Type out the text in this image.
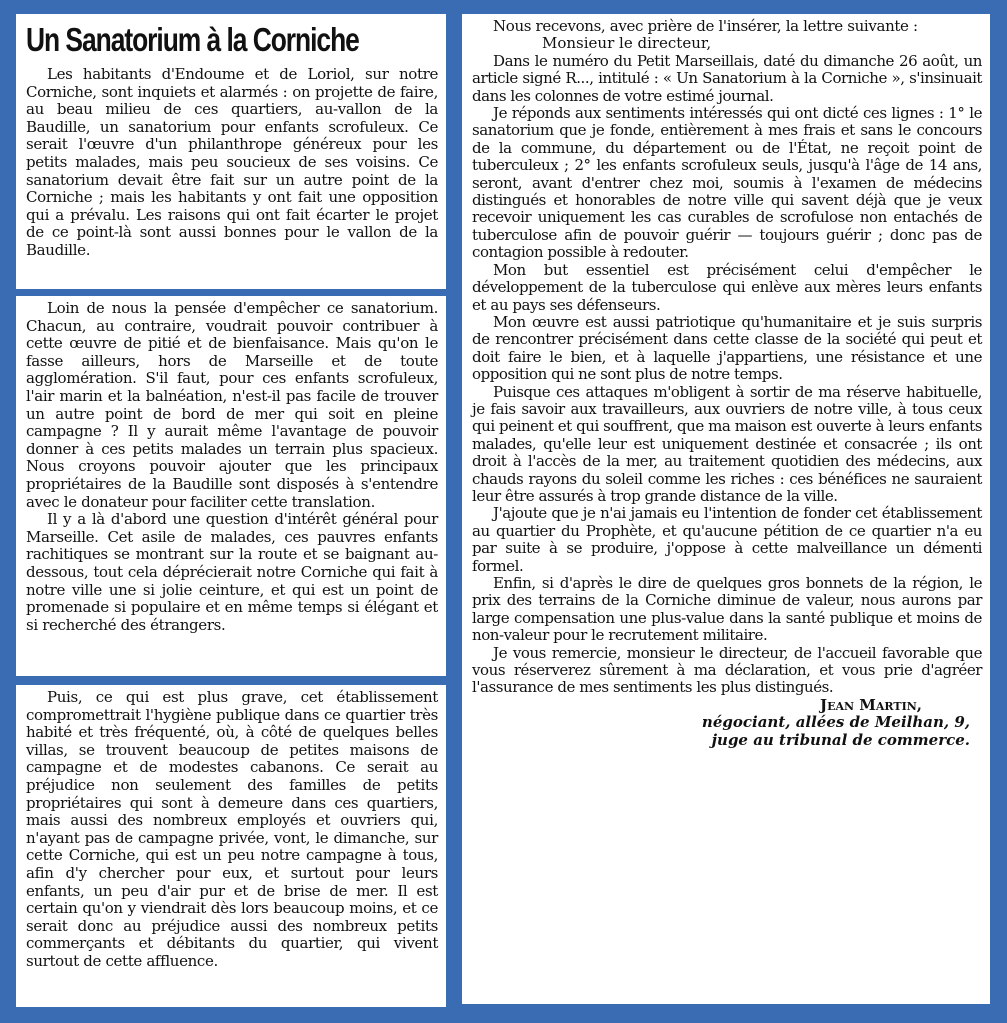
Un Sanatorium à la Corniche

Les habitants d'Endoume et de Loriol, sur notre Corniche, sont inquiets et alarmés : on projette de faire, au beau milieu de ces quartiers, au-vallon de la Baudille, un sanatorium pour enfants scrofuleux. Ce serait l'œuvre d'un philanthrope généreux pour les petits malades, mais peu soucieux de ses voisins. Ce sanatorium devait être fait sur un autre point de la Corniche ; mais les habitants y ont fait une opposition qui a prévalu. Les raisons qui ont fait écarter le projet de ce point-là sont aussi bonnes pour le vallon de la Baudille.

Loin de nous la pensée d'empêcher ce sanatorium. Chacun, au contraire, voudrait pouvoir contribuer à cette œuvre de pitié et de bienfaisance. Mais qu'on le fasse ailleurs, hors de Marseille et de toute agglomération. S'il faut, pour ces enfants scrofuleux, l'air marin et la balnéation, n'est-il pas facile de trouver un autre point de bord de mer qui soit en pleine campagne ? Il y aurait même l'avantage de pouvoir donner à ces petits malades un terrain plus spacieux. Nous croyons pouvoir ajouter que les principaux propriétaires de la Baudille sont disposés à s'entendre avec le donateur pour faciliter cette translation.

Il y a là d'abord une question d'intérêt général pour Marseille. Cet asile de malades, ces pauvres enfants rachitiques se montrant sur la route et se baignant au-dessous, tout cela déprécierait notre Corniche qui fait à notre ville une si jolie ceinture, et qui est un point de promenade si populaire et en même temps si élégant et si recherché des étrangers.

Puis, ce qui est plus grave, cet établissement compromettrait l'hygiène publique dans ce quartier très habité et très fréquenté, où, à côté de quelques belles villas, se trouvent beaucoup de petites maisons de campagne et de modestes cabanons. Ce serait au préjudice non seulement des familles de petits propriétaires qui sont à demeure dans ces quartiers, mais aussi des nombreux employés et ouvriers qui, n'ayant pas de campagne privée, vont, le dimanche, sur cette Corniche, qui est un peu notre campagne à tous, afin d'y chercher pour eux, et surtout pour leurs enfants, un peu d'air pur et de brise de mer. Il est certain qu'on y viendrait dès lors beaucoup moins, et ce serait donc au préjudice aussi des nombreux petits commerçants et débitants du quartier, qui vivent surtout de cette affluence.

Nous recevons, avec prière de l'insérer, la lettre suivante :

Monsieur le directeur,

Dans le numéro du Petit Marseillais, daté du dimanche 26 août, un article signé R..., intitulé : « Un Sanatorium à la Corniche », s'insinuait dans les colonnes de votre estimé journal.

Je réponds aux sentiments intéressés qui ont dicté ces lignes : 1° le sanatorium que je fonde, entièrement à mes frais et sans le concours de la commune, du département ou de l'État, ne reçoit point de tuberculeux ; 2° les enfants scrofuleux seuls, jusqu'à l'âge de 14 ans, seront, avant d'entrer chez moi, soumis à l'examen de médecins distingués et honorables de notre ville qui savent déjà que je veux recevoir uniquement les cas curables de scrofulose non entachés de tuberculose afin de pouvoir guérir — toujours guérir ; donc pas de contagion possible à redouter.

Mon but essentiel est précisément celui d'empêcher le développement de la tuberculose qui enlève aux mères leurs enfants et au pays ses défenseurs.

Mon œuvre est aussi patriotique qu'humanitaire et je suis surpris de rencontrer précisément dans cette classe de la société qui peut et doit faire le bien, et à laquelle j'appartiens, une résistance et une opposition qui ne sont plus de notre temps.

Puisque ces attaques m'obligent à sortir de ma réserve habituelle, je fais savoir aux travailleurs, aux ouvriers de notre ville, à tous ceux qui peinent et qui souffrent, que ma maison est ouverte à leurs enfants malades, qu'elle leur est uniquement destinée et consacrée ; ils ont droit à l'accès de la mer, au traitement quotidien des médecins, aux chauds rayons du soleil comme les riches : ces bénéfices ne sauraient leur être assurés à trop grande distance de la ville.

J'ajoute que je n'ai jamais eu l'intention de fonder cet établissement au quartier du Prophète, et qu'aucune pétition de ce quartier n'a eu par suite à se produire, j'oppose à cette malveillance un démenti formel.

Enfin, si d'après le dire de quelques gros bonnets de la région, le prix des terrains de la Corniche diminue de valeur, nous aurons par large compensation une plus-value dans la santé publique et moins de non-valeur pour le recrutement militaire.

Je vous remercie, monsieur le directeur, de l'accueil favorable que vous réserverez sûrement à ma déclaration, et vous prie d'agréer l'assurance de mes sentiments les plus distingués.

Jean Martin,

négociant, allées de Meilhan, 9,

juge au tribunal de commerce.
